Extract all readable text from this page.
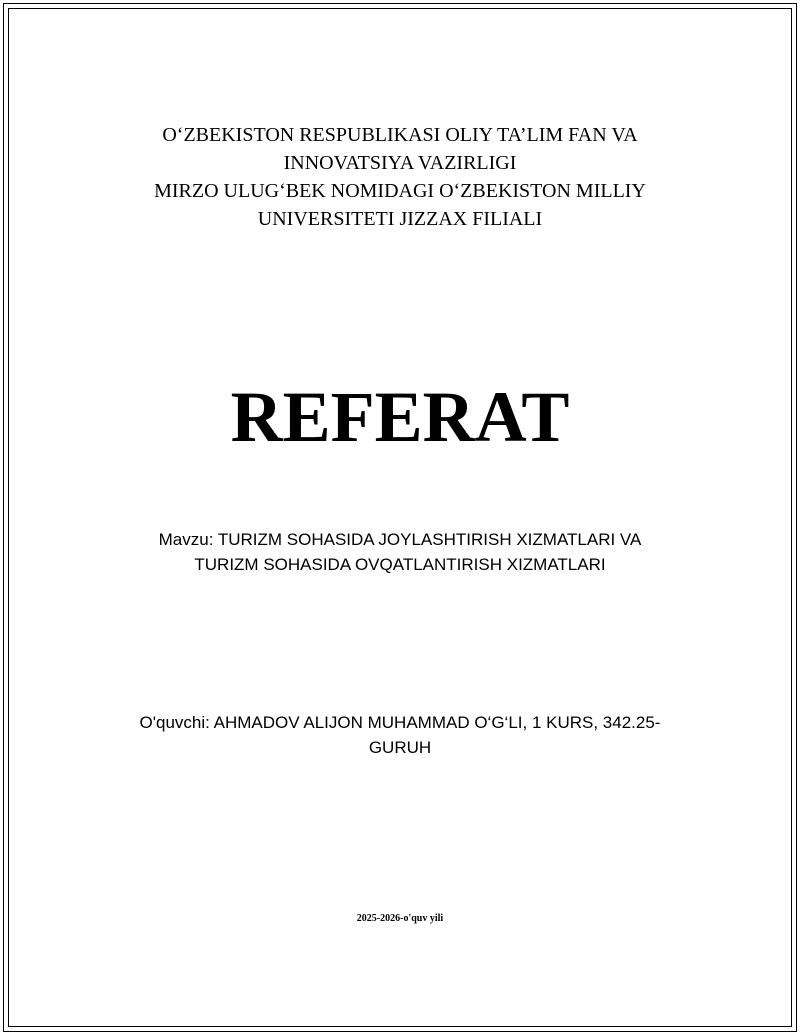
O‘ZBEKISTON RESPUBLIKASI OLIY TA’LIM FAN VA
INNOVATSIYA VAZIRLIGI
MIRZO ULUG‘BEK NOMIDAGI O‘ZBEKISTON MILLIY
UNIVERSITETI JIZZAX FILIALI
REFERAT
Mavzu: TURIZM SOHASIDA JOYLASHTIRISH XIZMATLARI VA
TURIZM SOHASIDA OVQATLANTIRISH XIZMATLARI
O'quvchi: AHMADOV ALIJON MUHAMMAD O‘G‘LI, 1 KURS, 342.25-
GURUH
2025-2026-o'quv yili
